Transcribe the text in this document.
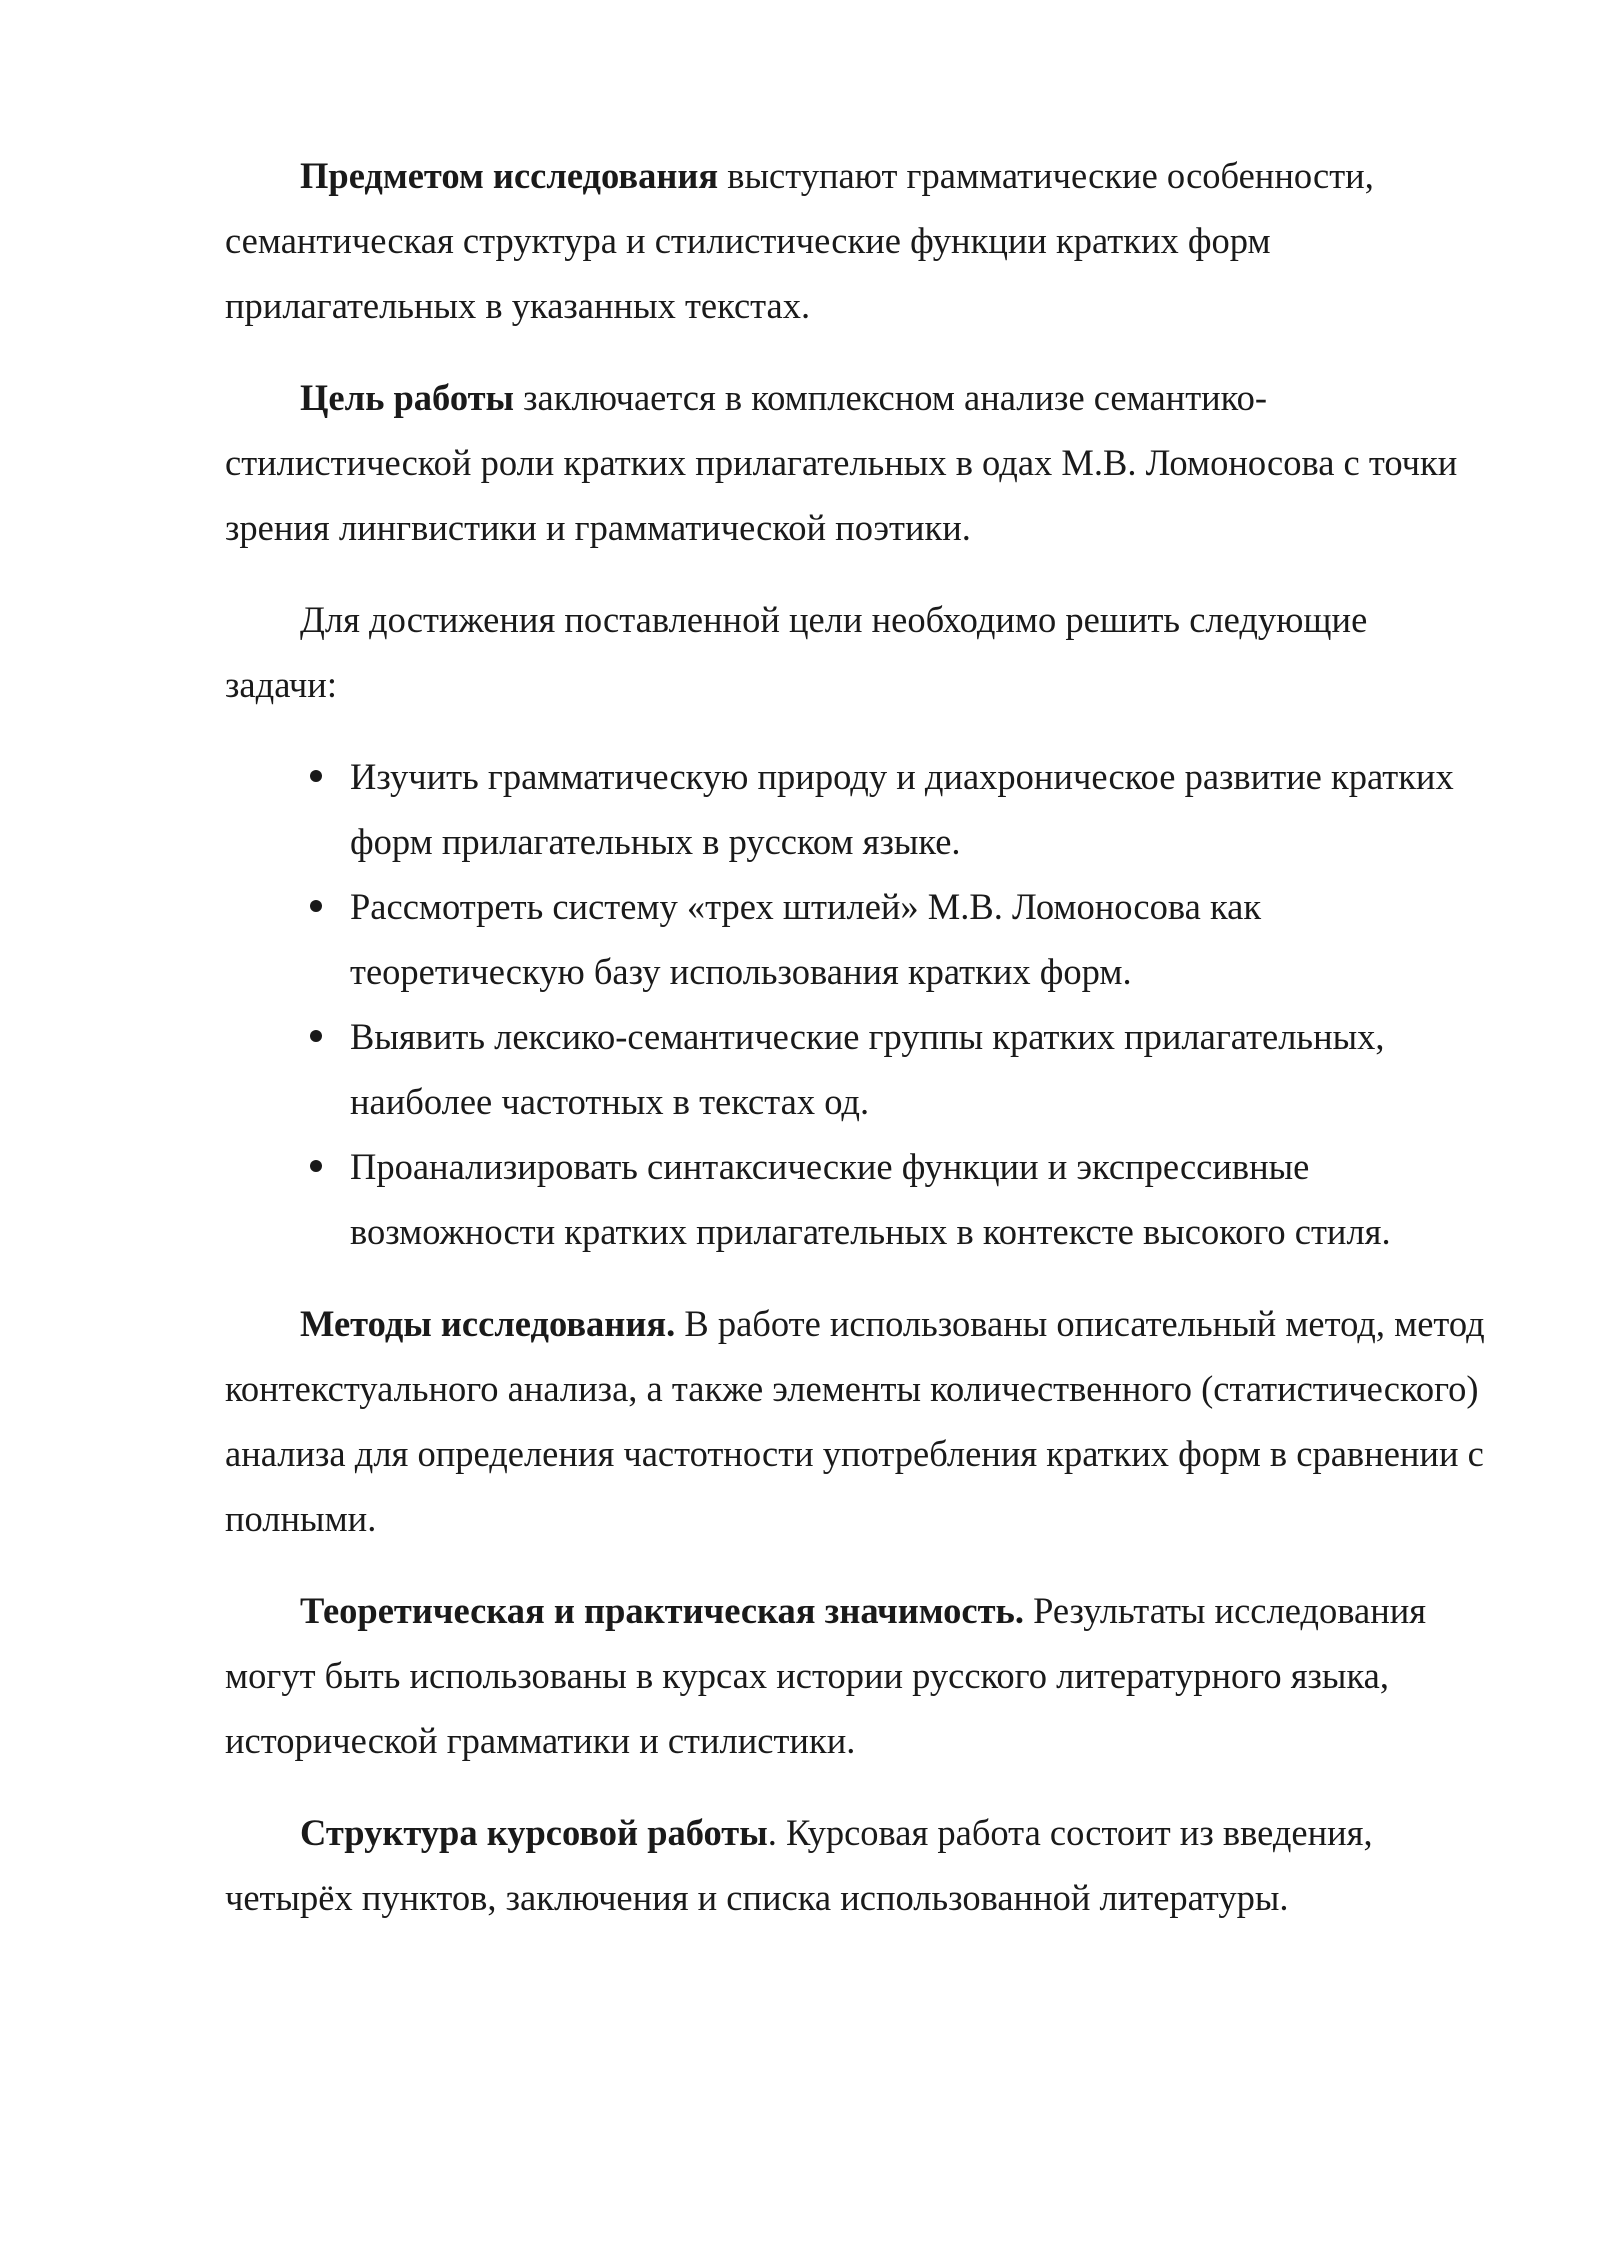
Предметом исследования выступают грамматические особенности, семантическая структура и стилистические функции кратких форм прилагательных в указанных текстах.

Цель работы заключается в комплексном анализе семантико-стилистической роли кратких прилагательных в одах М.В. Ломоносова с точки зрения лингвистики и грамматической поэтики.

Для достижения поставленной цели необходимо решить следующие задачи:

Изучить грамматическую природу и диахроническое развитие кратких форм прилагательных в русском языке.
Рассмотреть систему «трех штилей» М.В. Ломоносова как теоретическую базу использования кратких форм.
Выявить лексико-семантические группы кратких прилагательных, наиболее частотных в текстах од.
Проанализировать синтаксические функции и экспрессивные возможности кратких прилагательных в контексте высокого стиля.

Методы исследования. В работе использованы описательный метод, метод контекстуального анализа, а также элементы количественного (статистического) анализа для определения частотности употребления кратких форм в сравнении с полными.

Теоретическая и практическая значимость. Результаты исследования могут быть использованы в курсах истории русского литературного языка, исторической грамматики и стилистики.

Структура курсовой работы. Курсовая работа состоит из введения, четырёх пунктов, заключения и списка использованной литературы.
